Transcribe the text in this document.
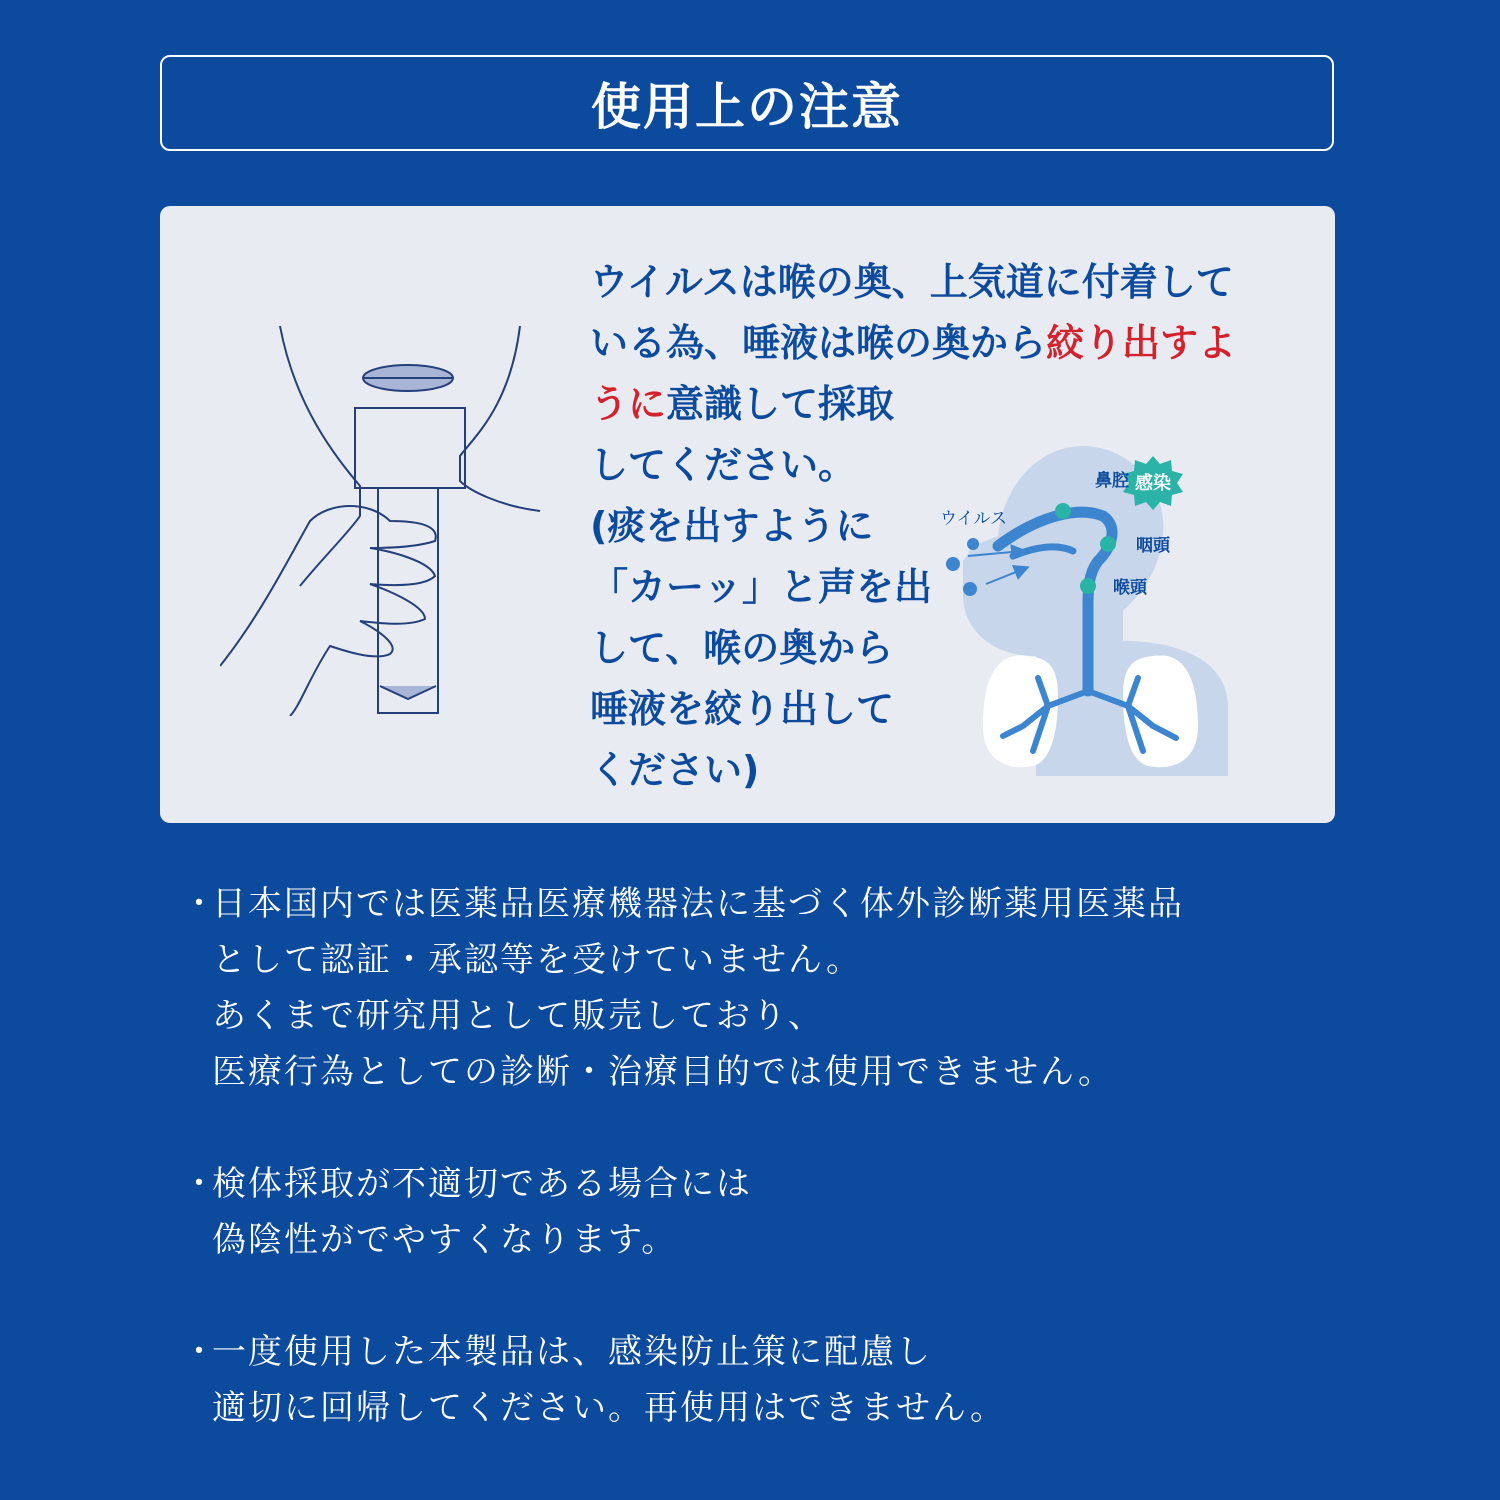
使用上の注意
ウイルスは喉の奥、上気道に付着して
いる為、唾液は喉の奥から絞り出すよ
うに意識して採取
してください。
(痰を出すように
「カーッ」と声を出
して、喉の奥から
唾液を絞り出して
ください)
感染
鼻腔
咽頭
喉頭
ウイルス
・
日本国内では医薬品医療機器法に基づく体外診断薬用医薬品
として認証・承認等を受けていません。
あくまで研究用として販売しており、
医療行為としての診断・治療目的では使用できません。
・
検体採取が不適切である場合には
偽陰性がでやすくなります。
・
一度使用した本製品は、感染防止策に配慮し
適切に回帰してください。再使用はできません。
